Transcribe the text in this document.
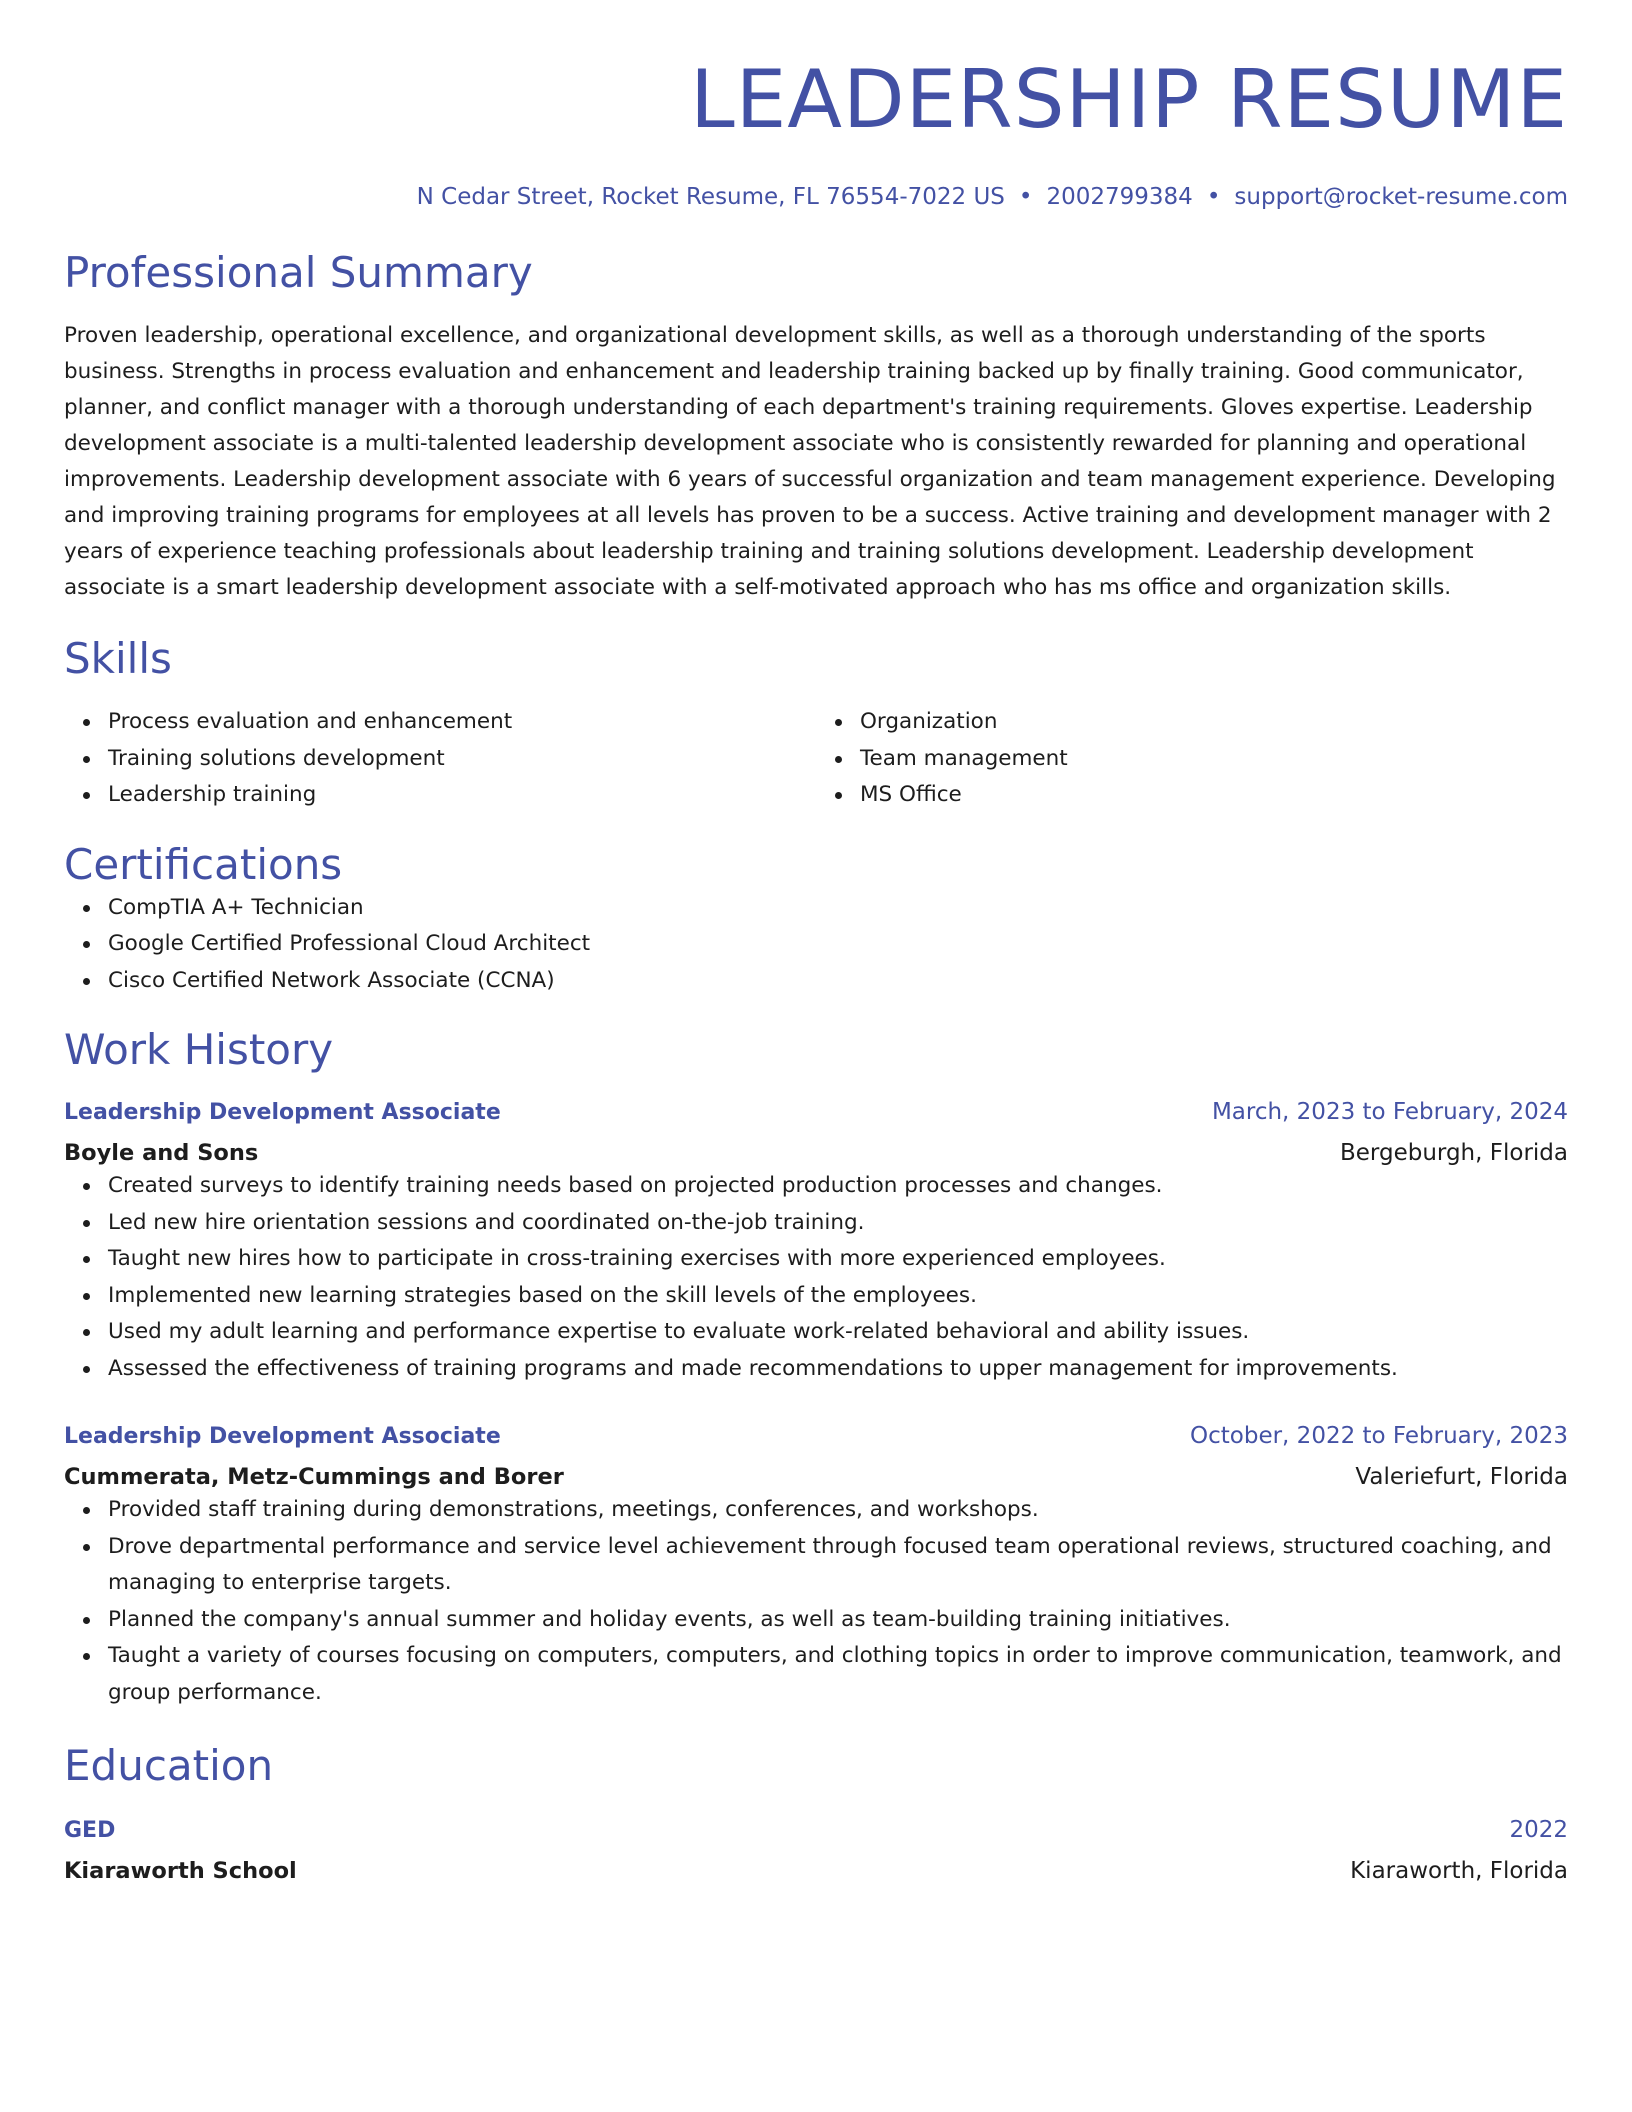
LEADERSHIP RESUME
N Cedar Street, Rocket Resume, FL 76554-7022 US • 2002799384 • support@rocket-resume.com
Professional Summary
Proven leadership, operational excellence, and organizational development skills, as well as a thorough understanding of the sports business. Strengths in process evaluation and enhancement and leadership training backed up by finally training. Good communicator, planner, and conflict manager with a thorough understanding of each department's training requirements. Gloves expertise. Leadership development associate is a multi-talented leadership development associate who is consistently rewarded for planning and operational improvements. Leadership development associate with 6 years of successful organization and team management experience. Developing and improving training programs for employees at all levels has proven to be a success. Active training and development manager with 2 years of experience teaching professionals about leadership training and training solutions development. Leadership development associate is a smart leadership development associate with a self-motivated approach who has ms office and organization skills.
Skills
Process evaluation and enhancement
Training solutions development
Leadership training
Organization
Team management
MS Office
Certifications
CompTIA A+ Technician
Google Certified Professional Cloud Architect
Cisco Certified Network Associate (CCNA)
Work History
Leadership Development Associate	March, 2023 to February, 2024
Boyle and Sons	Bergeburgh, Florida
Created surveys to identify training needs based on projected production processes and changes.
Led new hire orientation sessions and coordinated on-the-job training.
Taught new hires how to participate in cross-training exercises with more experienced employees.
Implemented new learning strategies based on the skill levels of the employees.
Used my adult learning and performance expertise to evaluate work-related behavioral and ability issues.
Assessed the effectiveness of training programs and made recommendations to upper management for improvements.
Leadership Development Associate	October, 2022 to February, 2023
Cummerata, Metz-Cummings and Borer	Valeriefurt, Florida
Provided staff training during demonstrations, meetings, conferences, and workshops.
Drove departmental performance and service level achievement through focused team operational reviews, structured coaching, and managing to enterprise targets.
Planned the company's annual summer and holiday events, as well as team-building training initiatives.
Taught a variety of courses focusing on computers, computers, and clothing topics in order to improve communication, teamwork, and group performance.
Education
GED	2022
Kiaraworth School	Kiaraworth, Florida
